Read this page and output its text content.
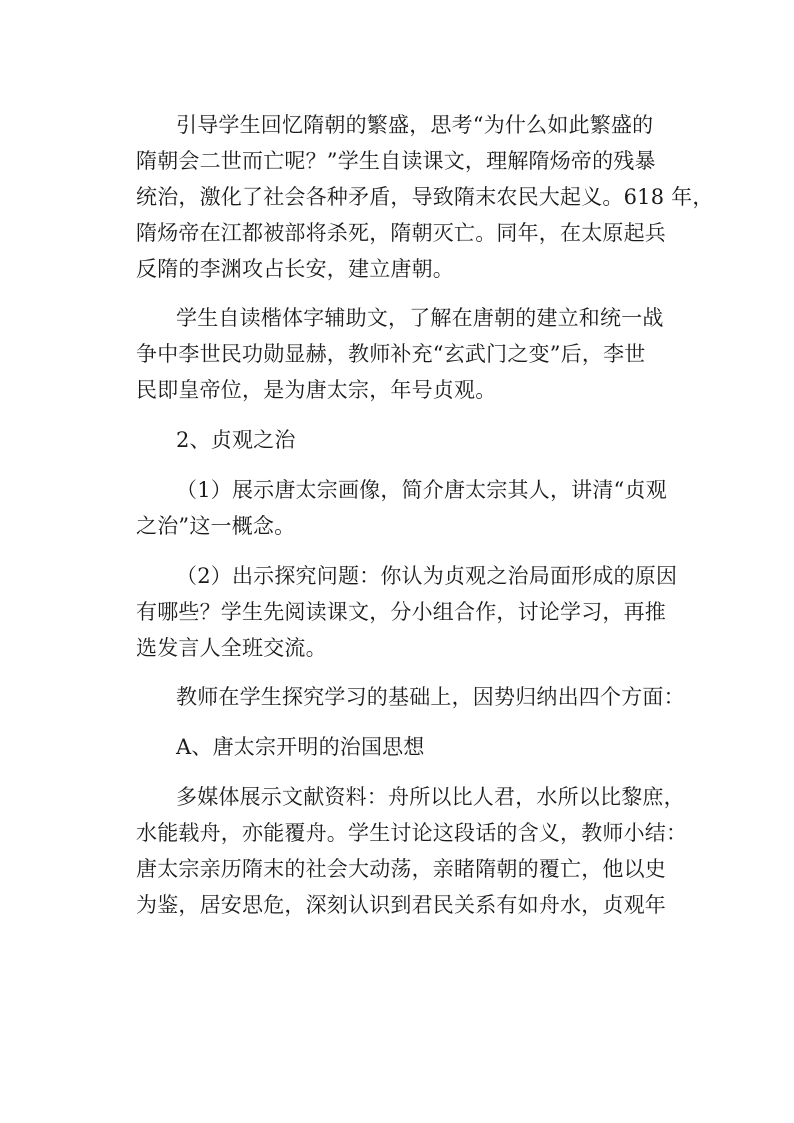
引导学生回忆隋朝的繁盛，思考“为什么如此繁盛的
隋朝会二世而亡呢？”学生自读课文，理解隋炀帝的残暴
统治，激化了社会各种矛盾，导致隋末农民大起义。618 年，
隋炀帝在江都被部将杀死，隋朝灭亡。同年，在太原起兵
反隋的李渊攻占长安，建立唐朝。
学生自读楷体字辅助文，了解在唐朝的建立和统一战
争中李世民功勋显赫，教师补充“玄武门之变”后，李世
民即皇帝位，是为唐太宗，年号贞观。
2、贞观之治
（1）展示唐太宗画像，简介唐太宗其人，讲清“贞观
之治”这一概念。
（2）出示探究问题：你认为贞观之治局面形成的原因
有哪些？学生先阅读课文，分小组合作，讨论学习，再推
选发言人全班交流。
教师在学生探究学习的基础上，因势归纳出四个方面：
A、唐太宗开明的治国思想
多媒体展示文献资料：舟所以比人君，水所以比黎庶，
水能载舟，亦能覆舟。学生讨论这段话的含义，教师小结：
唐太宗亲历隋末的社会大动荡，亲睹隋朝的覆亡，他以史
为鉴，居安思危，深刻认识到君民关系有如舟水，贞观年
